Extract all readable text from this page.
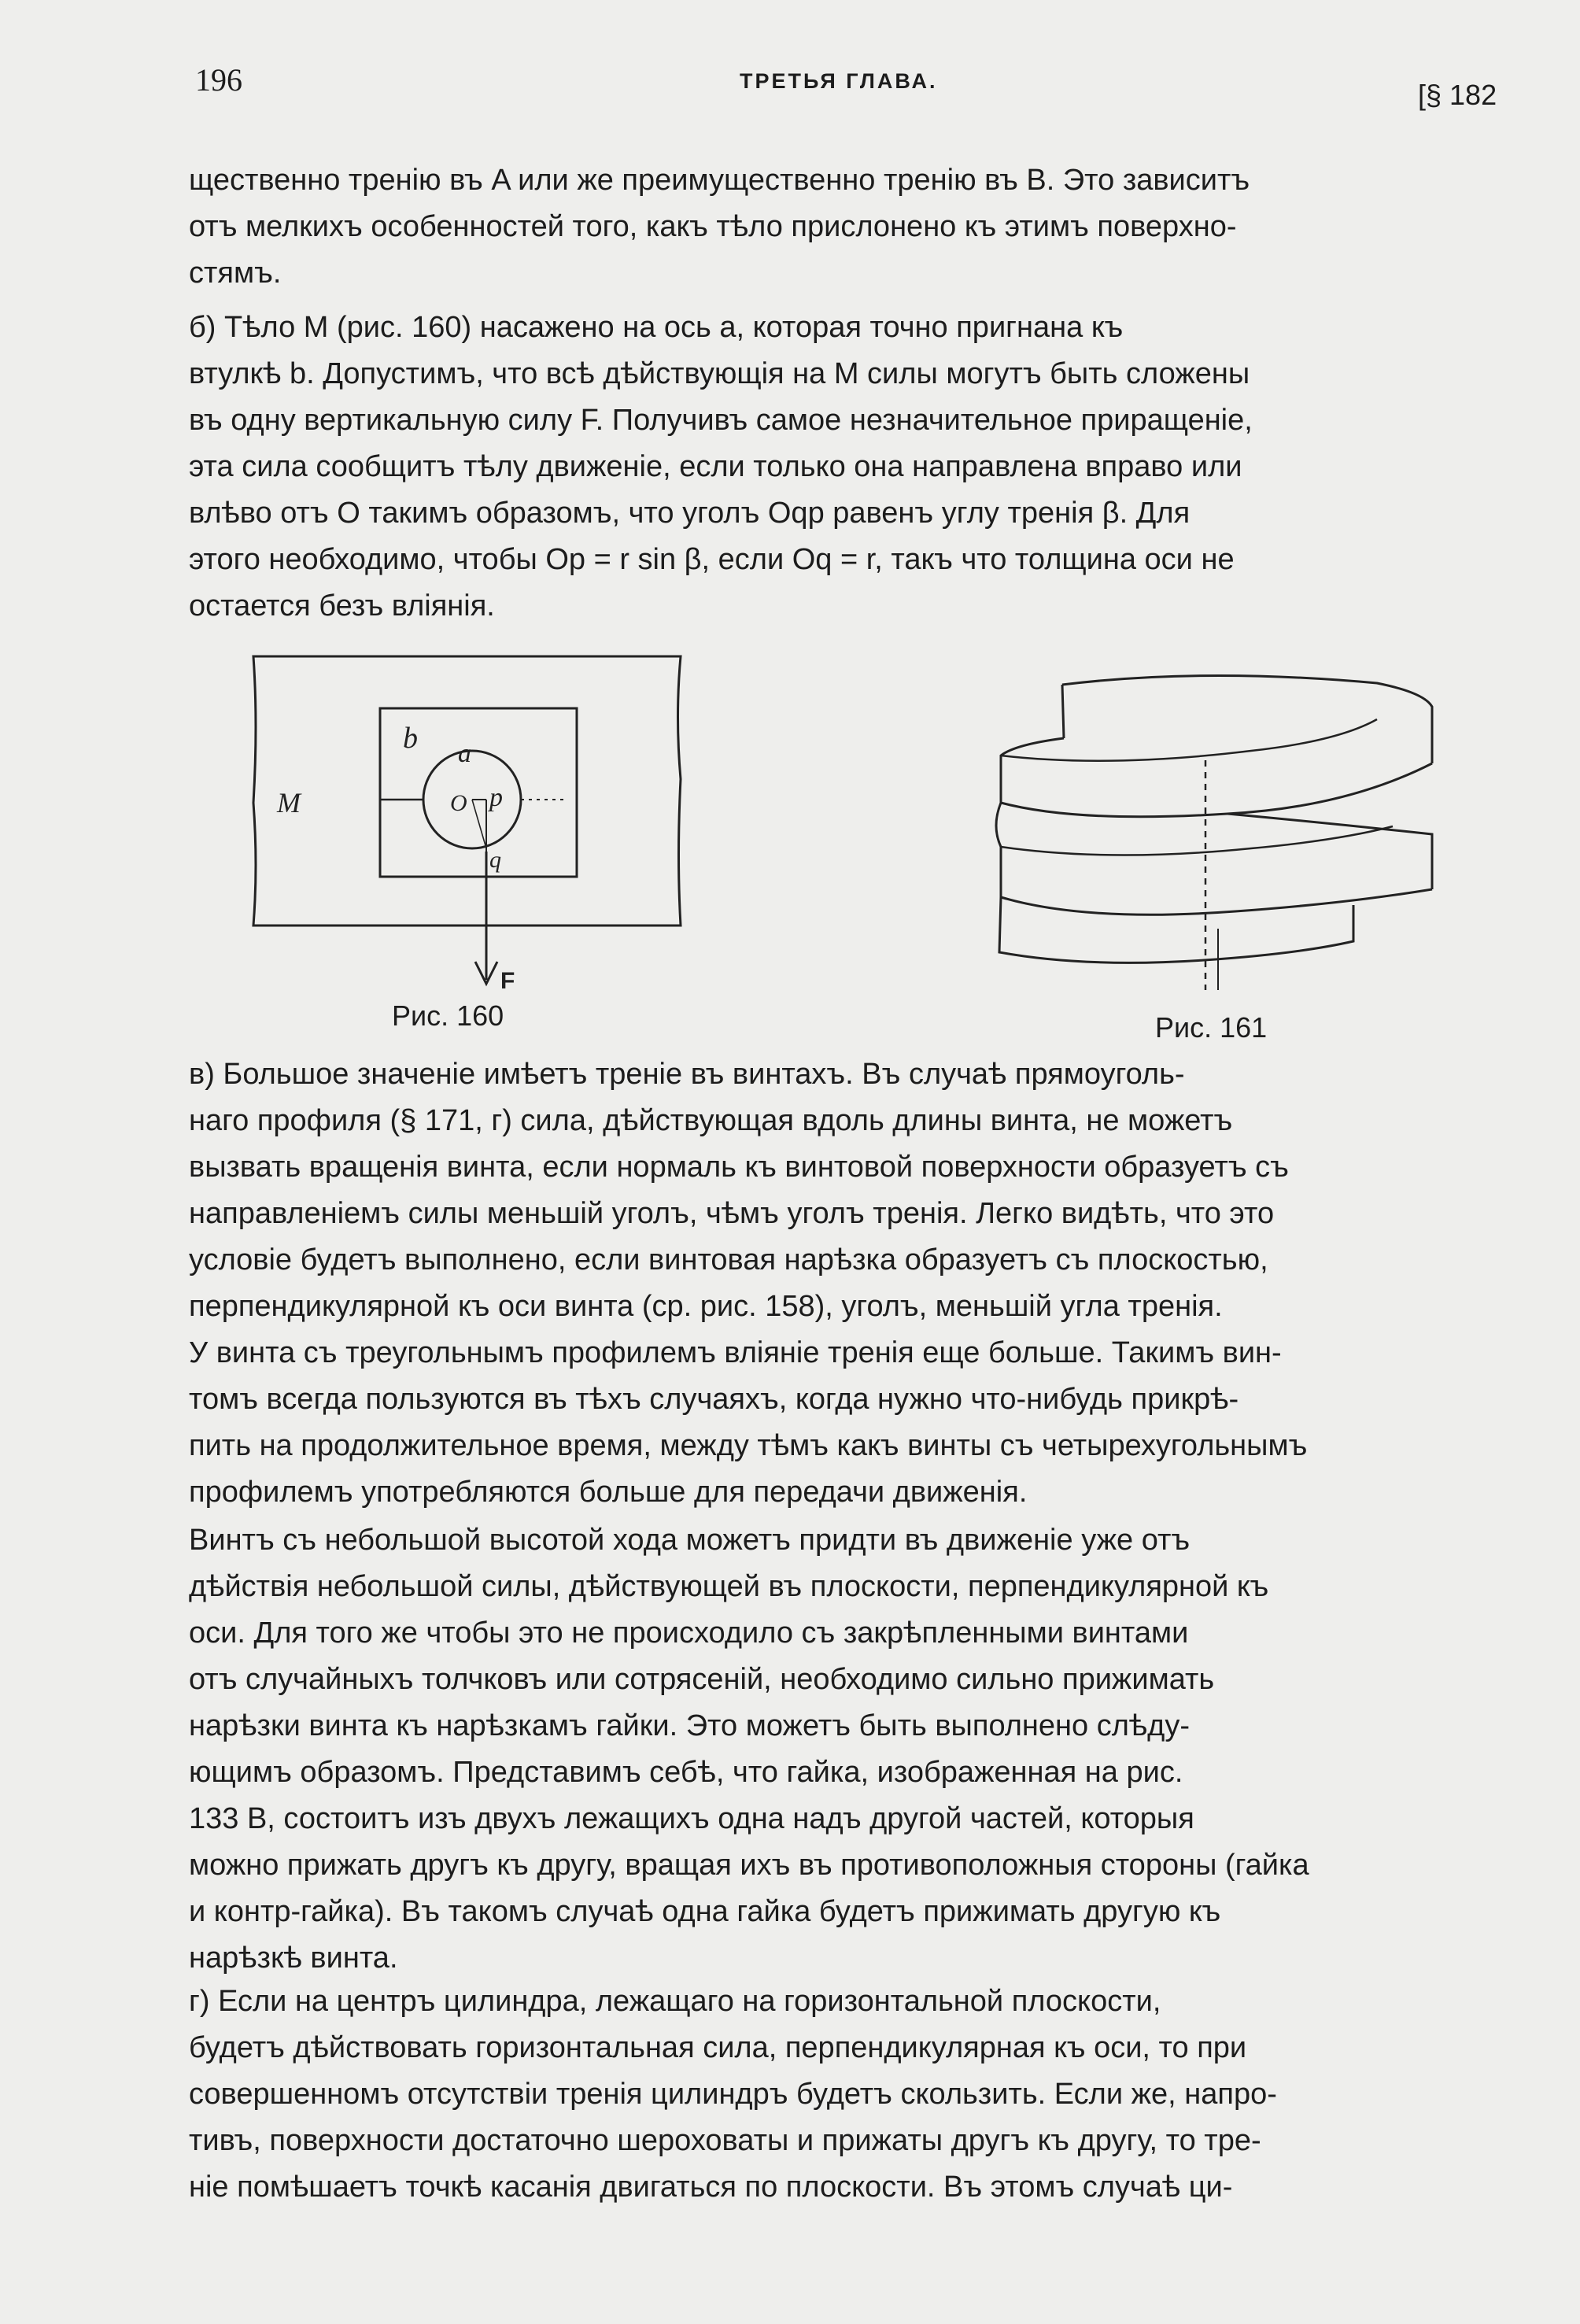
196	ТРЕТЬЯ ГЛАВА.	[§ 182
щественно тренію въ A или же преимущественно тренію въ B. Это зависитъ
отъ мелкихъ особенностей того, какъ тѣло прислонено къ этимъ поверхно-
стямъ.
б) Тѣло M (рис. 160) насажено на ось a, которая точно пригнана къ
втулкѣ b. Допустимъ, что всѣ дѣйствующія на M силы могутъ быть сложены
въ одну вертикальную силу F. Получивъ самое незначительное приращеніе,
эта сила сообщитъ тѣлу движеніе, если только она направлена вправо или
влѣво отъ O такимъ образомъ, что уголъ Oqp равенъ углу тренія β. Для
этого необходимо, чтобы Op = r sin β, если Oq = r, такъ что толщина оси не
остается безъ вліянія.
M
b a
O p
q
F
Рис. 160	Рис. 161
в) Большое значеніе имѣетъ треніе въ винтахъ. Въ случаѣ прямоуголь-
наго профиля (§ 171, г) сила, дѣйствующая вдоль длины винта, не можетъ
вызвать вращенія винта, если нормаль къ винтовой поверхности образуетъ съ
направленіемъ силы меньшій уголъ, чѣмъ уголъ тренія. Легко видѣть, что это
условіе будетъ выполнено, если винтовая нарѣзка образуетъ съ плоскостью,
перпендикулярной къ оси винта (ср. рис. 158), уголъ, меньшій угла тренія.
У винта съ треугольнымъ профилемъ вліяніе тренія еще больше. Такимъ вин-
томъ всегда пользуются въ тѣхъ случаяхъ, когда нужно что-нибудь прикрѣ-
пить на продолжительное время, между тѣмъ какъ винты съ четырехугольнымъ
профилемъ употребляются больше для передачи движенія.
Винтъ съ небольшой высотой хода можетъ придти въ движеніе уже отъ
дѣйствія небольшой силы, дѣйствующей въ плоскости, перпендикулярной къ
оси. Для того же чтобы это не происходило съ закрѣпленными винтами
отъ случайныхъ толчковъ или сотрясеній, необходимо сильно прижимать
нарѣзки винта къ нарѣзкамъ гайки. Это можетъ быть выполнено слѣду-
ющимъ образомъ. Представимъ себѣ, что гайка, изображенная на рис.
133 B, состоитъ изъ двухъ лежащихъ одна надъ другой частей, которыя
можно прижать другъ къ другу, вращая ихъ въ противоположныя стороны (гайка
и контр-гайка). Въ такомъ случаѣ одна гайка будетъ прижимать другую къ
нарѣзкѣ винта.
г) Если на центръ цилиндра, лежащаго на горизонтальной плоскости,
будетъ дѣйствовать горизонтальная сила, перпендикулярная къ оси, то при
совершенномъ отсутствіи тренія цилиндръ будетъ скользить. Если же, напро-
тивъ, поверхности достаточно шероховаты и прижаты другъ къ другу, то тре-
ніе помѣшаетъ точкѣ касанія двигаться по плоскости. Въ этомъ случаѣ ци-
